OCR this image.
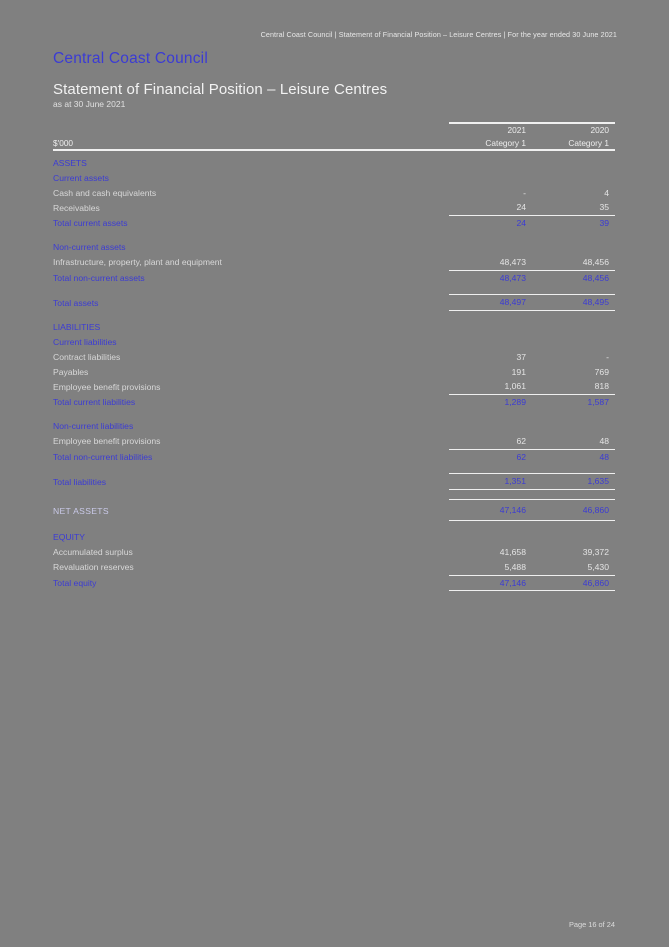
Central Coast Council | Statement of Financial Position – Leisure Centres | For the year ended 30 June 2021
Central Coast Council
Statement of Financial Position – Leisure Centres
as at 30 June 2021

	2021	2020
$'000	Category 1	Category 1

ASSETS		
Current assets		
Cash and cash equivalents	-	4
Receivables	24	35
Total current assets	24	39

Non-current assets		
Infrastructure, property, plant and equipment	48,473	48,456
Total non-current assets	48,473	48,456

Total assets	48,497	48,495

LIABILITIES		
Current liabilities		
Contract liabilities	37	-
Payables	191	769
Employee benefit provisions	1,061	818
Total current liabilities	1,289	1,587

Non-current liabilities		
Employee benefit provisions	62	48
Total non-current liabilities	62	48

Total liabilities	1,351	1,635

NET ASSETS	47,146	46,860

EQUITY		
Accumulated surplus	41,658	39,372
Revaluation reserves	5,488	5,430
Total equity	47,146	46,860
Page 16 of 24
